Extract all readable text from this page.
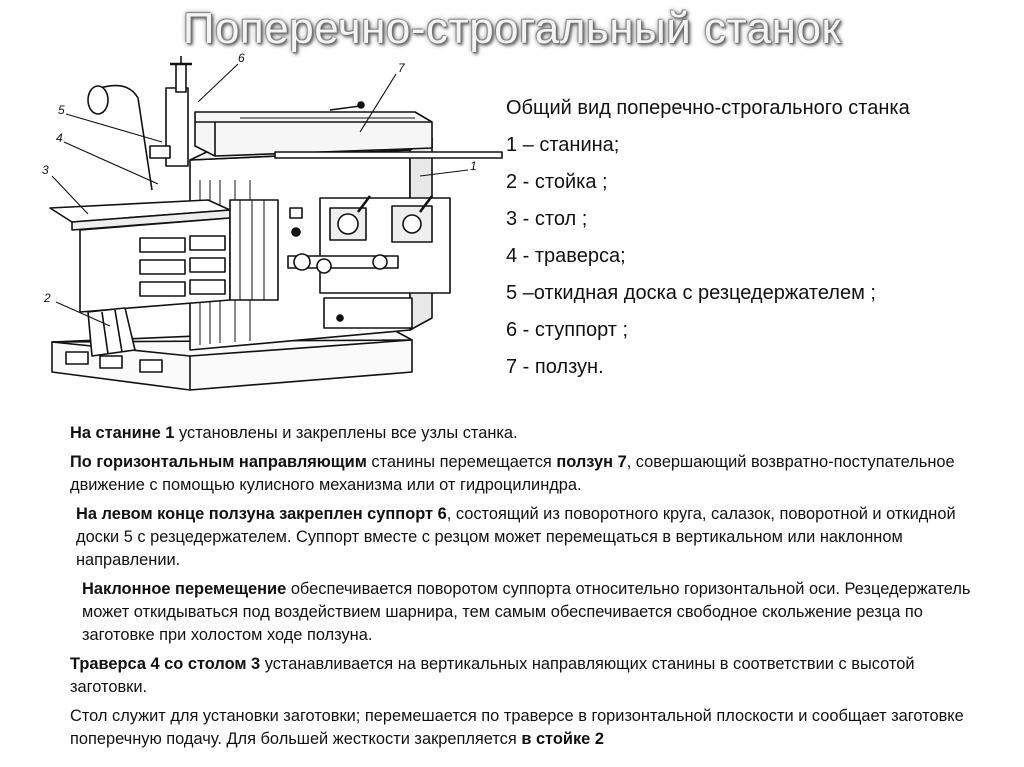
Поперечно-строгальный станок
1
2
3
4
5
6
7
Общий вид поперечно-строгального станка
1 – станина;
2 - стойка ;
3 - стол ;
4 - траверса;
5 –откидная доска с резцедержателем ;
6 - ступпорт ;
7 - ползун.

На станине 1 установлены и закреплены все узлы станка.

По горизонтальным направляющим станины перемещается ползун 7, совершающий возвратно-поступательное движение с помощью кулисного механизма или от гидроцилиндра.

На левом конце ползуна закреплен суппорт 6, состоящий из поворотного круга, салазок, поворотной и откидной доски 5 с резцедержателем. Суппорт вместе с резцом может перемещаться в вертикальном или наклонном направлении.

Наклонное перемещение обеспечивается поворотом суппорта относительно горизонтальной оси. Резцедержатель может откидываться под воздействием шарнира, тем самым обеспечивается свободное скольжение резца по заготовке при холостом ходе ползуна.

Траверса 4 со столом 3 устанавливается на вертикальных направляющих станины в соответствии с высотой заготовки.

Стол служит для установки заготовки; перемешается по траверсе в горизонтальной плоскости и сообщает заготовке поперечную подачу. Для большей жесткости закрепляется в стойке 2
